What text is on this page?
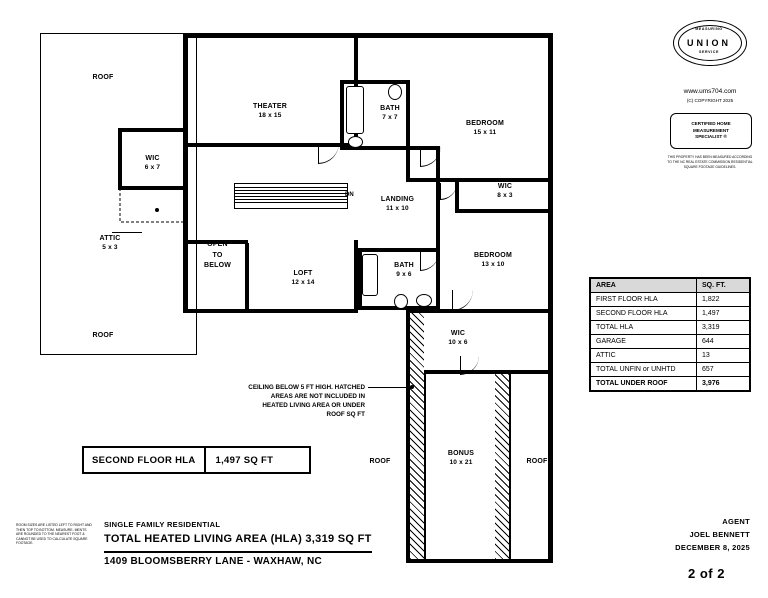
DN
ROOF
ROOF
THEATER
18 x 15
BATH
7 x 7
BEDROOM
15 x 11
WIC
6 x 7
WIC
8 x 3
ATTIC
5 x 3
LANDING
11 x 10
OPEN
TO
BELOW
LOFT
12 x 14
BATH
9 x 6
BEDROOM
13 x 10
WIC
10 x 6
BONUS
10 x 21
ROOF	ROOF
CEILING BELOW 5 FT HIGH. HATCHED AREAS ARE NOT INCLUDED IN HEATED LIVING AREA OR UNDER ROOF SQ FT
AREA	SQ. FT.
FIRST FLOOR HLA	1,822
SECOND FLOOR HLA	1,497
TOTAL HLA	3,319
GARAGE	644
ATTIC	13
TOTAL UNFIN or UNHTD	657
TOTAL UNDER ROOF	3,976
SECOND FLOOR HLA	1,497 SQ FT
MEASURING
UNION
SERVICE
www.ums704.com
(C) COPYRIGHT 2025
CERTIFIED HOME
MEASUREMENT
SPECIALIST ®
THIS PROPERTY HAS BEEN MEASURED ACCORDING TO THE NC REAL ESTATE COMMISSION RESIDENTIAL SQUARE FOOTAGE GUIDELINES.
ROOM SIZES ARE LISTED LEFT TO RIGHT AND THEN TOP TO BOTTOM. MEASURE- MENTS ARE ROUNDED TO THE NEAREST FOOT & CANNOT BE USED TO CALCULATE SQUARE FOOTAGE.
SINGLE FAMILY RESIDENTIAL
TOTAL HEATED LIVING AREA (HLA) 3,319 SQ FT
1409 BLOOMSBERRY LANE - WAXHAW, NC
AGENT
JOEL BENNETT
DECEMBER 8, 2025
2 of 2
